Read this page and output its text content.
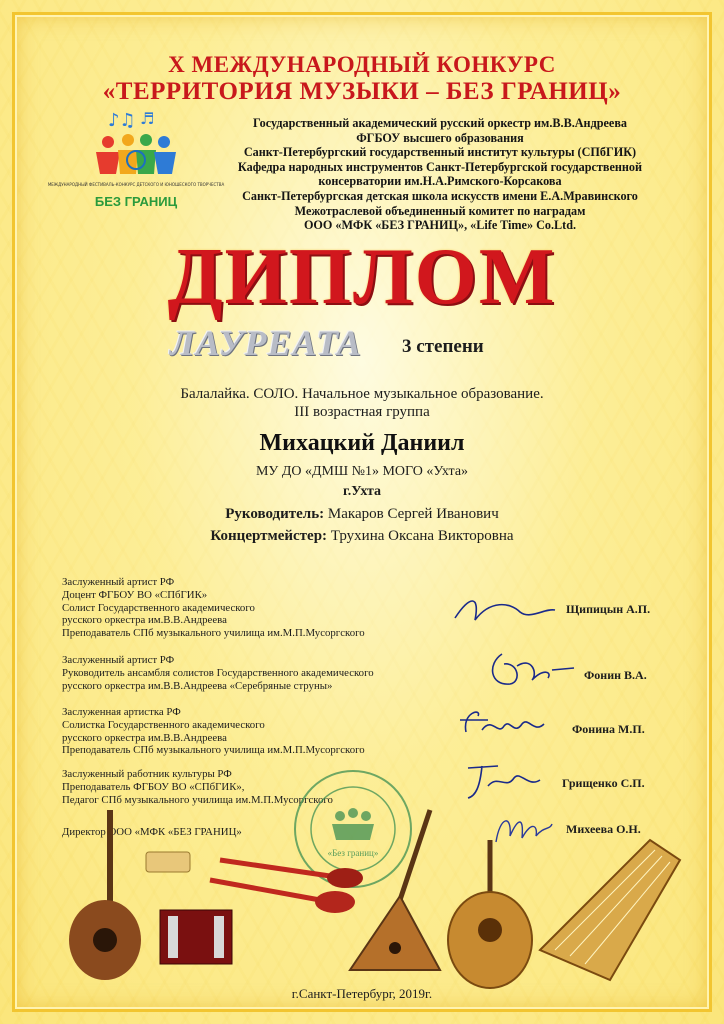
X МЕЖДУНАРОДНЫЙ КОНКУРС
«ТЕРРИТОРИЯ МУЗЫКИ – БЕЗ ГРАНИЦ»
♪♫ ♬
МЕЖДУНАРОДНЫЙ ФЕСТИВАЛЬ-КОНКУРС ДЕТСКОГО И ЮНОШЕСКОГО ТВОРЧЕСТВА
БЕЗ ГРАНИЦ
Государственный академический русский оркестр им.В.В.Андреева
ФГБОУ высшего образования
Санкт-Петербургский государственный институт культуры (СПбГИК)
Кафедра народных инструментов Санкт-Петербургской государственной
консерватории им.Н.А.Римского-Корсакова
Санкт-Петербургская детская школа искусств имени Е.А.Мравинского
Межотраслевой объединенный комитет по наградам
ООО «МФК «БЕЗ ГРАНИЦ», «Life Time» Co.Ltd.
ДИПЛОМ
ЛАУРЕАТА 3 степени
Балалайка. СОЛО. Начальное музыкальное образование.
III возрастная группа
Михацкий Даниил
МУ ДО «ДМШ №1» МОГО «Ухта»
г.Ухта
Руководитель: Макаров Сергей Иванович
Концертмейстер: Трухина Оксана Викторовна
Заслуженный артист РФ
Доцент ФГБОУ ВО «СПбГИК»
Солист Государственного академического
русского оркестра им.В.В.Андреева
Преподаватель СПб музыкального училища им.М.П.Мусоргского
Щипицын А.П.
Заслуженный артист РФ
Руководитель ансамбля солистов Государственного академического
русского оркестра им.В.В.Андреева «Серебряные струны»
Фонин В.А.
Заслуженная артистка РФ
Солистка Государственного академического
русского оркестра им.В.В.Андреева
Преподаватель СПб музыкального училища им.М.П.Мусоргского
Фонина М.П.
Заслуженный работник культуры РФ
Преподаватель ФГБОУ ВО «СПбГИК»,
Педагог СПб музыкального училища им.М.П.Мусоргского
Грищенко С.П.
Директор ООО «МФК «БЕЗ ГРАНИЦ»	Михеева О.Н.
«Без границ»
г.Санкт-Петербург, 2019г.
